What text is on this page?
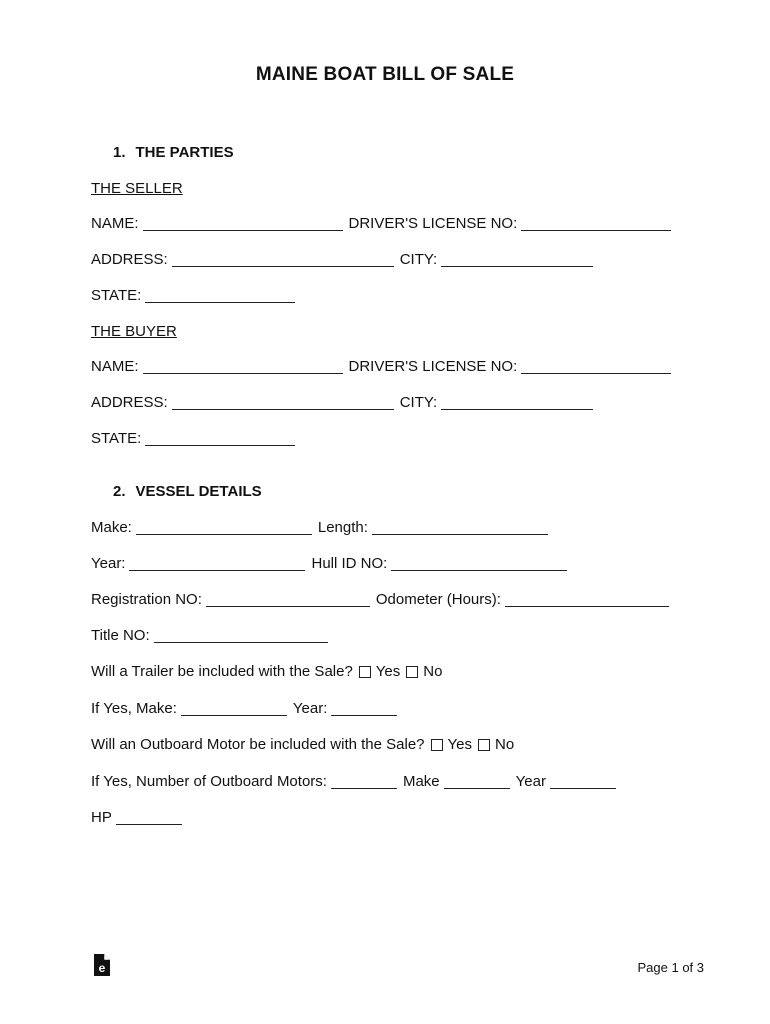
MAINE BOAT BILL OF SALE
1. THE PARTIES
THE SELLER
NAME:	DRIVER'S LICENSE NO:
ADDRESS:	CITY:
STATE:
THE BUYER
NAME:	DRIVER'S LICENSE NO:
ADDRESS:	CITY:
STATE:
2. VESSEL DETAILS
Make:	Length:
Year:	Hull ID NO:
Registration NO:	Odometer (Hours):
Title NO:
Will a Trailer be included with the Sale? Yes No
If Yes, Make:	Year:
Will an Outboard Motor be included with the Sale? Yes No
If Yes, Number of Outboard Motors:	Make	Year
HP
e	Page 1 of 3
